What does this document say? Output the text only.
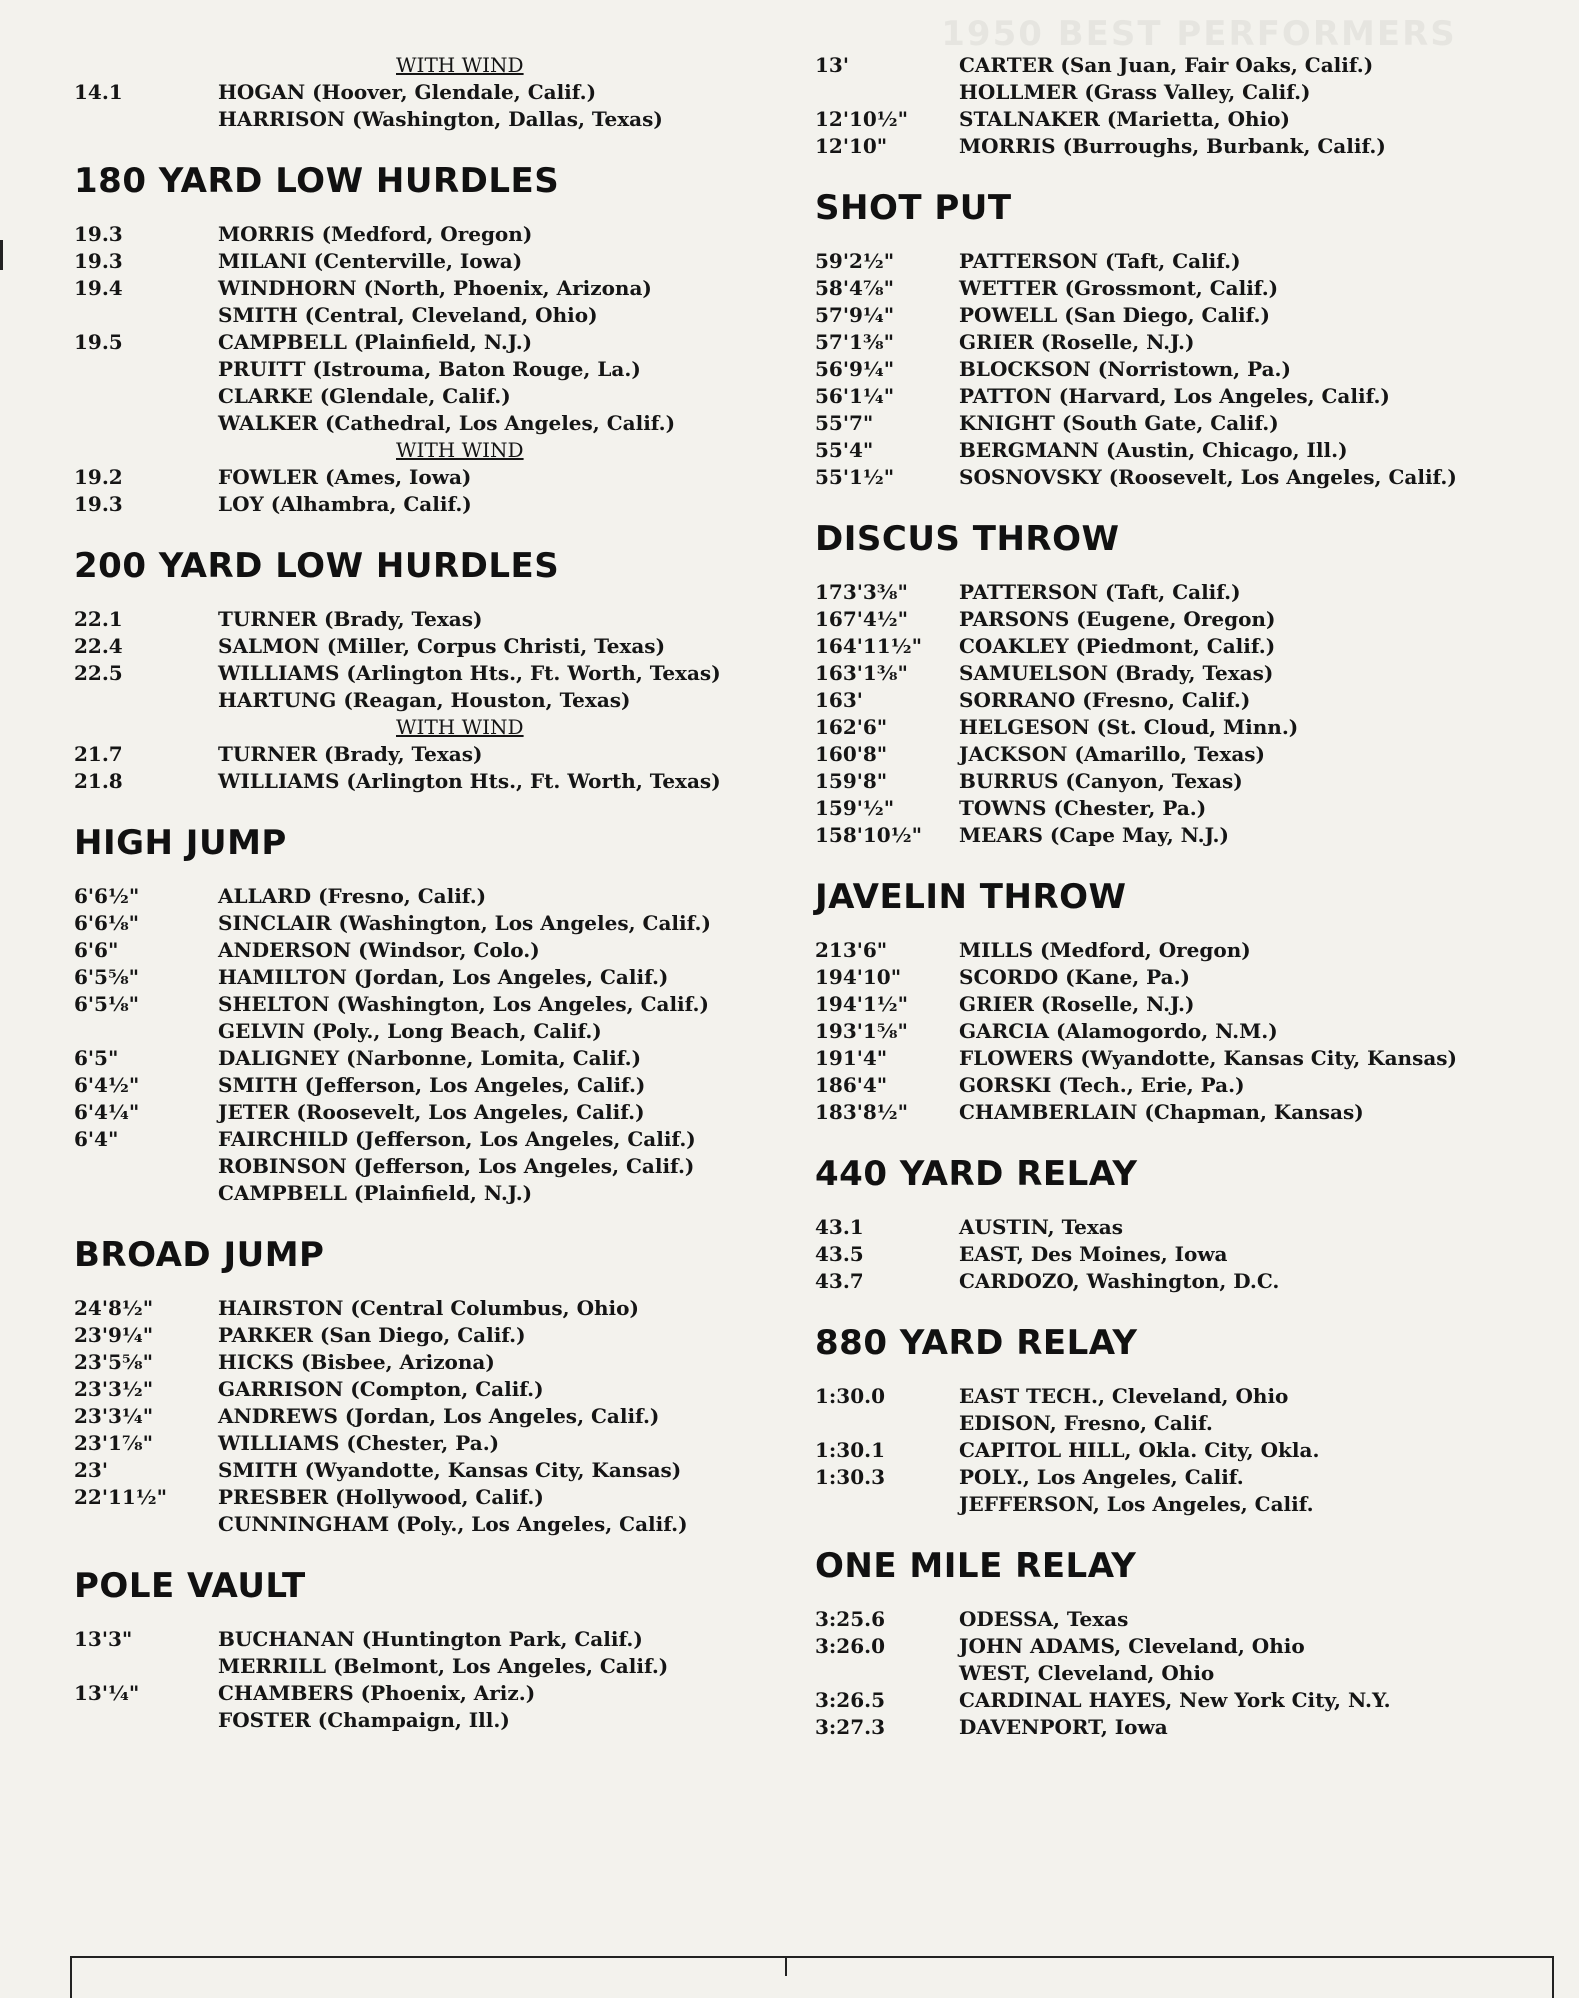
1950 BEST PERFORMERS
WITH WIND
14.1	HOGAN (Hoover, Glendale, Calif.)
HARRISON (Washington, Dallas, Texas)
180 YARD LOW HURDLES
19.3	MORRIS (Medford, Oregon)
19.3	MILANI (Centerville, Iowa)
19.4	WINDHORN (North, Phoenix, Arizona)
SMITH (Central, Cleveland, Ohio)
19.5	CAMPBELL (Plainfield, N.J.)
PRUITT (Istrouma, Baton Rouge, La.)
CLARKE (Glendale, Calif.)
WALKER (Cathedral, Los Angeles, Calif.)
WITH WIND
19.2	FOWLER (Ames, Iowa)
19.3	LOY (Alhambra, Calif.)
200 YARD LOW HURDLES
22.1	TURNER (Brady, Texas)
22.4	SALMON (Miller, Corpus Christi, Texas)
22.5	WILLIAMS (Arlington Hts., Ft. Worth, Texas)
HARTUNG (Reagan, Houston, Texas)
WITH WIND
21.7	TURNER (Brady, Texas)
21.8	WILLIAMS (Arlington Hts., Ft. Worth, Texas)
HIGH JUMP
6'6½"	ALLARD (Fresno, Calif.)
6'6⅛"	SINCLAIR (Washington, Los Angeles, Calif.)
6'6"	ANDERSON (Windsor, Colo.)
6'5⅝"	HAMILTON (Jordan, Los Angeles, Calif.)
6'5⅛"	SHELTON (Washington, Los Angeles, Calif.)
GELVIN (Poly., Long Beach, Calif.)
6'5"	DALIGNEY (Narbonne, Lomita, Calif.)
6'4½"	SMITH (Jefferson, Los Angeles, Calif.)
6'4¼"	JETER (Roosevelt, Los Angeles, Calif.)
6'4"	FAIRCHILD (Jefferson, Los Angeles, Calif.)
ROBINSON (Jefferson, Los Angeles, Calif.)
CAMPBELL (Plainfield, N.J.)
BROAD JUMP
24'8½"	HAIRSTON (Central Columbus, Ohio)
23'9¼"	PARKER (San Diego, Calif.)
23'5⅝"	HICKS (Bisbee, Arizona)
23'3½"	GARRISON (Compton, Calif.)
23'3¼"	ANDREWS (Jordan, Los Angeles, Calif.)
23'1⅞"	WILLIAMS (Chester, Pa.)
23'	SMITH (Wyandotte, Kansas City, Kansas)
22'11½"	PRESBER (Hollywood, Calif.)
CUNNINGHAM (Poly., Los Angeles, Calif.)
POLE VAULT
13'3"	BUCHANAN (Huntington Park, Calif.)
MERRILL (Belmont, Los Angeles, Calif.)
13'¼"	CHAMBERS (Phoenix, Ariz.)
FOSTER (Champaign, Ill.)
13'	CARTER (San Juan, Fair Oaks, Calif.)
HOLLMER (Grass Valley, Calif.)
12'10½"	STALNAKER (Marietta, Ohio)
12'10"	MORRIS (Burroughs, Burbank, Calif.)
SHOT PUT
59'2½"	PATTERSON (Taft, Calif.)
58'4⅞"	WETTER (Grossmont, Calif.)
57'9¼"	POWELL (San Diego, Calif.)
57'1⅜"	GRIER (Roselle, N.J.)
56'9¼"	BLOCKSON (Norristown, Pa.)
56'1¼"	PATTON (Harvard, Los Angeles, Calif.)
55'7"	KNIGHT (South Gate, Calif.)
55'4"	BERGMANN (Austin, Chicago, Ill.)
55'1½"	SOSNOVSKY (Roosevelt, Los Angeles, Calif.)
DISCUS THROW
173'3⅜"	PATTERSON (Taft, Calif.)
167'4½"	PARSONS (Eugene, Oregon)
164'11½"	COAKLEY (Piedmont, Calif.)
163'1⅜"	SAMUELSON (Brady, Texas)
163'	SORRANO (Fresno, Calif.)
162'6"	HELGESON (St. Cloud, Minn.)
160'8"	JACKSON (Amarillo, Texas)
159'8"	BURRUS (Canyon, Texas)
159'½"	TOWNS (Chester, Pa.)
158'10½"	MEARS (Cape May, N.J.)
JAVELIN THROW
213'6"	MILLS (Medford, Oregon)
194'10"	SCORDO (Kane, Pa.)
194'1½"	GRIER (Roselle, N.J.)
193'1⅝"	GARCIA (Alamogordo, N.M.)
191'4"	FLOWERS (Wyandotte, Kansas City, Kansas)
186'4"	GORSKI (Tech., Erie, Pa.)
183'8½"	CHAMBERLAIN (Chapman, Kansas)
440 YARD RELAY
43.1	AUSTIN, Texas
43.5	EAST, Des Moines, Iowa
43.7	CARDOZO, Washington, D.C.
880 YARD RELAY
1:30.0	EAST TECH., Cleveland, Ohio
EDISON, Fresno, Calif.
1:30.1	CAPITOL HILL, Okla. City, Okla.
1:30.3	POLY., Los Angeles, Calif.
JEFFERSON, Los Angeles, Calif.
ONE MILE RELAY
3:25.6	ODESSA, Texas
3:26.0	JOHN ADAMS, Cleveland, Ohio
WEST, Cleveland, Ohio
3:26.5	CARDINAL HAYES, New York City, N.Y.
3:27.3	DAVENPORT, Iowa
